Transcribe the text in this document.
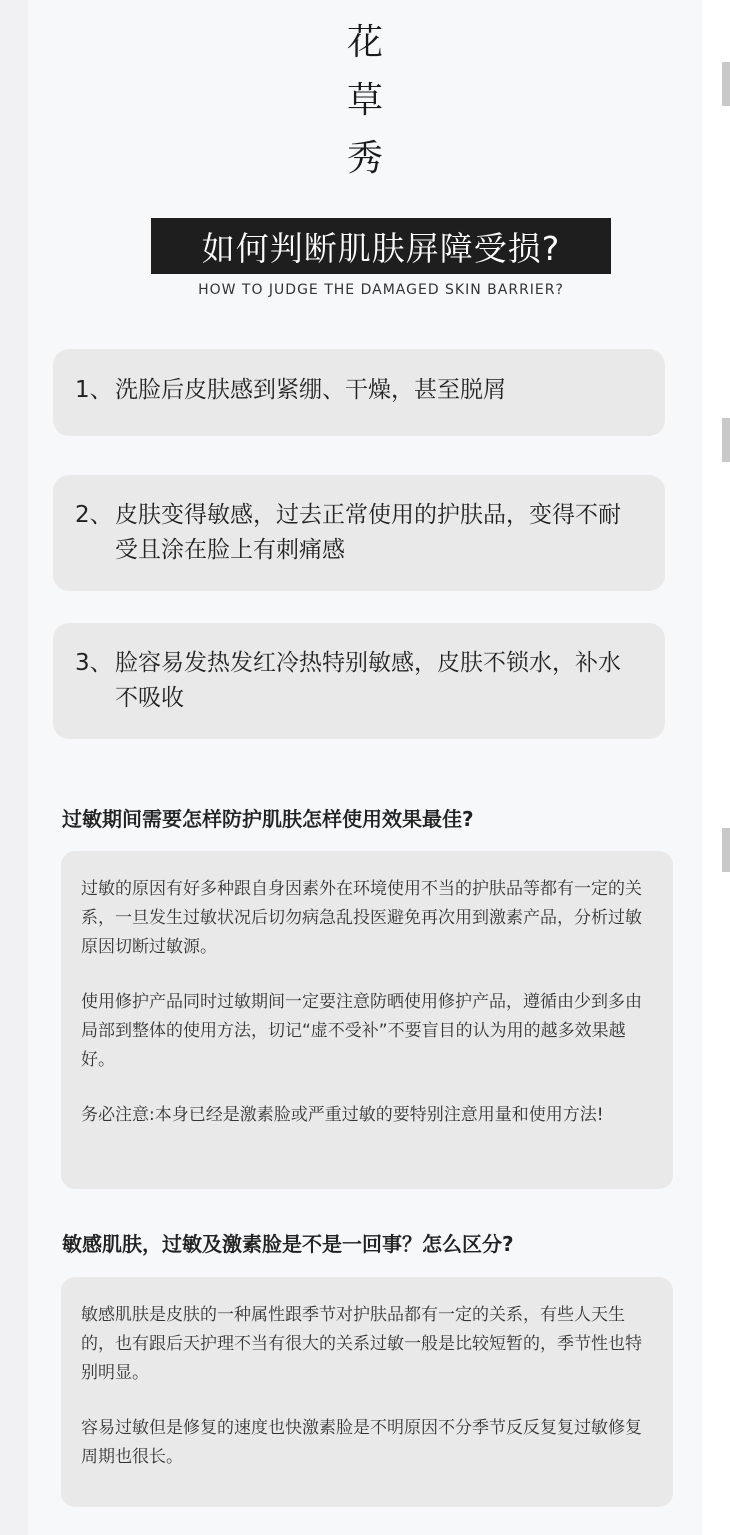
花
草
秀
如何判断肌肤屏障受损?
HOW TO JUDGE THE DAMAGED SKIN BARRIER?
1、 洗脸后皮肤感到紧绷、干燥，甚至脱屑
2、 皮肤变得敏感，过去正常使用的护肤品，变得不耐受且涂在脸上有刺痛感
3、 脸容易发热发红冷热特别敏感，皮肤不锁水，补水不吸收
过敏期间需要怎样防护肌肤怎样使用效果最佳?

过敏的原因有好多种跟自身因素外在环境使用不当的护肤品等都有一定的关系，一旦发生过敏状况后切勿病急乱投医避免再次用到激素产品，分析过敏原因切断过敏源。

使用修护产品同时过敏期间一定要注意防晒使用修护产品，遵循由少到多由局部到整体的使用方法，切记“虚不受补”不要盲目的认为用的越多效果越好。

务必注意:本身已经是激素脸或严重过敏的要特别注意用量和使用方法!

敏感肌肤，过敏及激素脸是不是一回事？怎么区分?

敏感肌肤是皮肤的一种属性跟季节对护肤品都有一定的关系，有些人天生的，也有跟后天护理不当有很大的关系过敏一般是比较短暂的，季节性也特别明显。

容易过敏但是修复的速度也快激素脸是不明原因不分季节反反复复过敏修复周期也很长。
